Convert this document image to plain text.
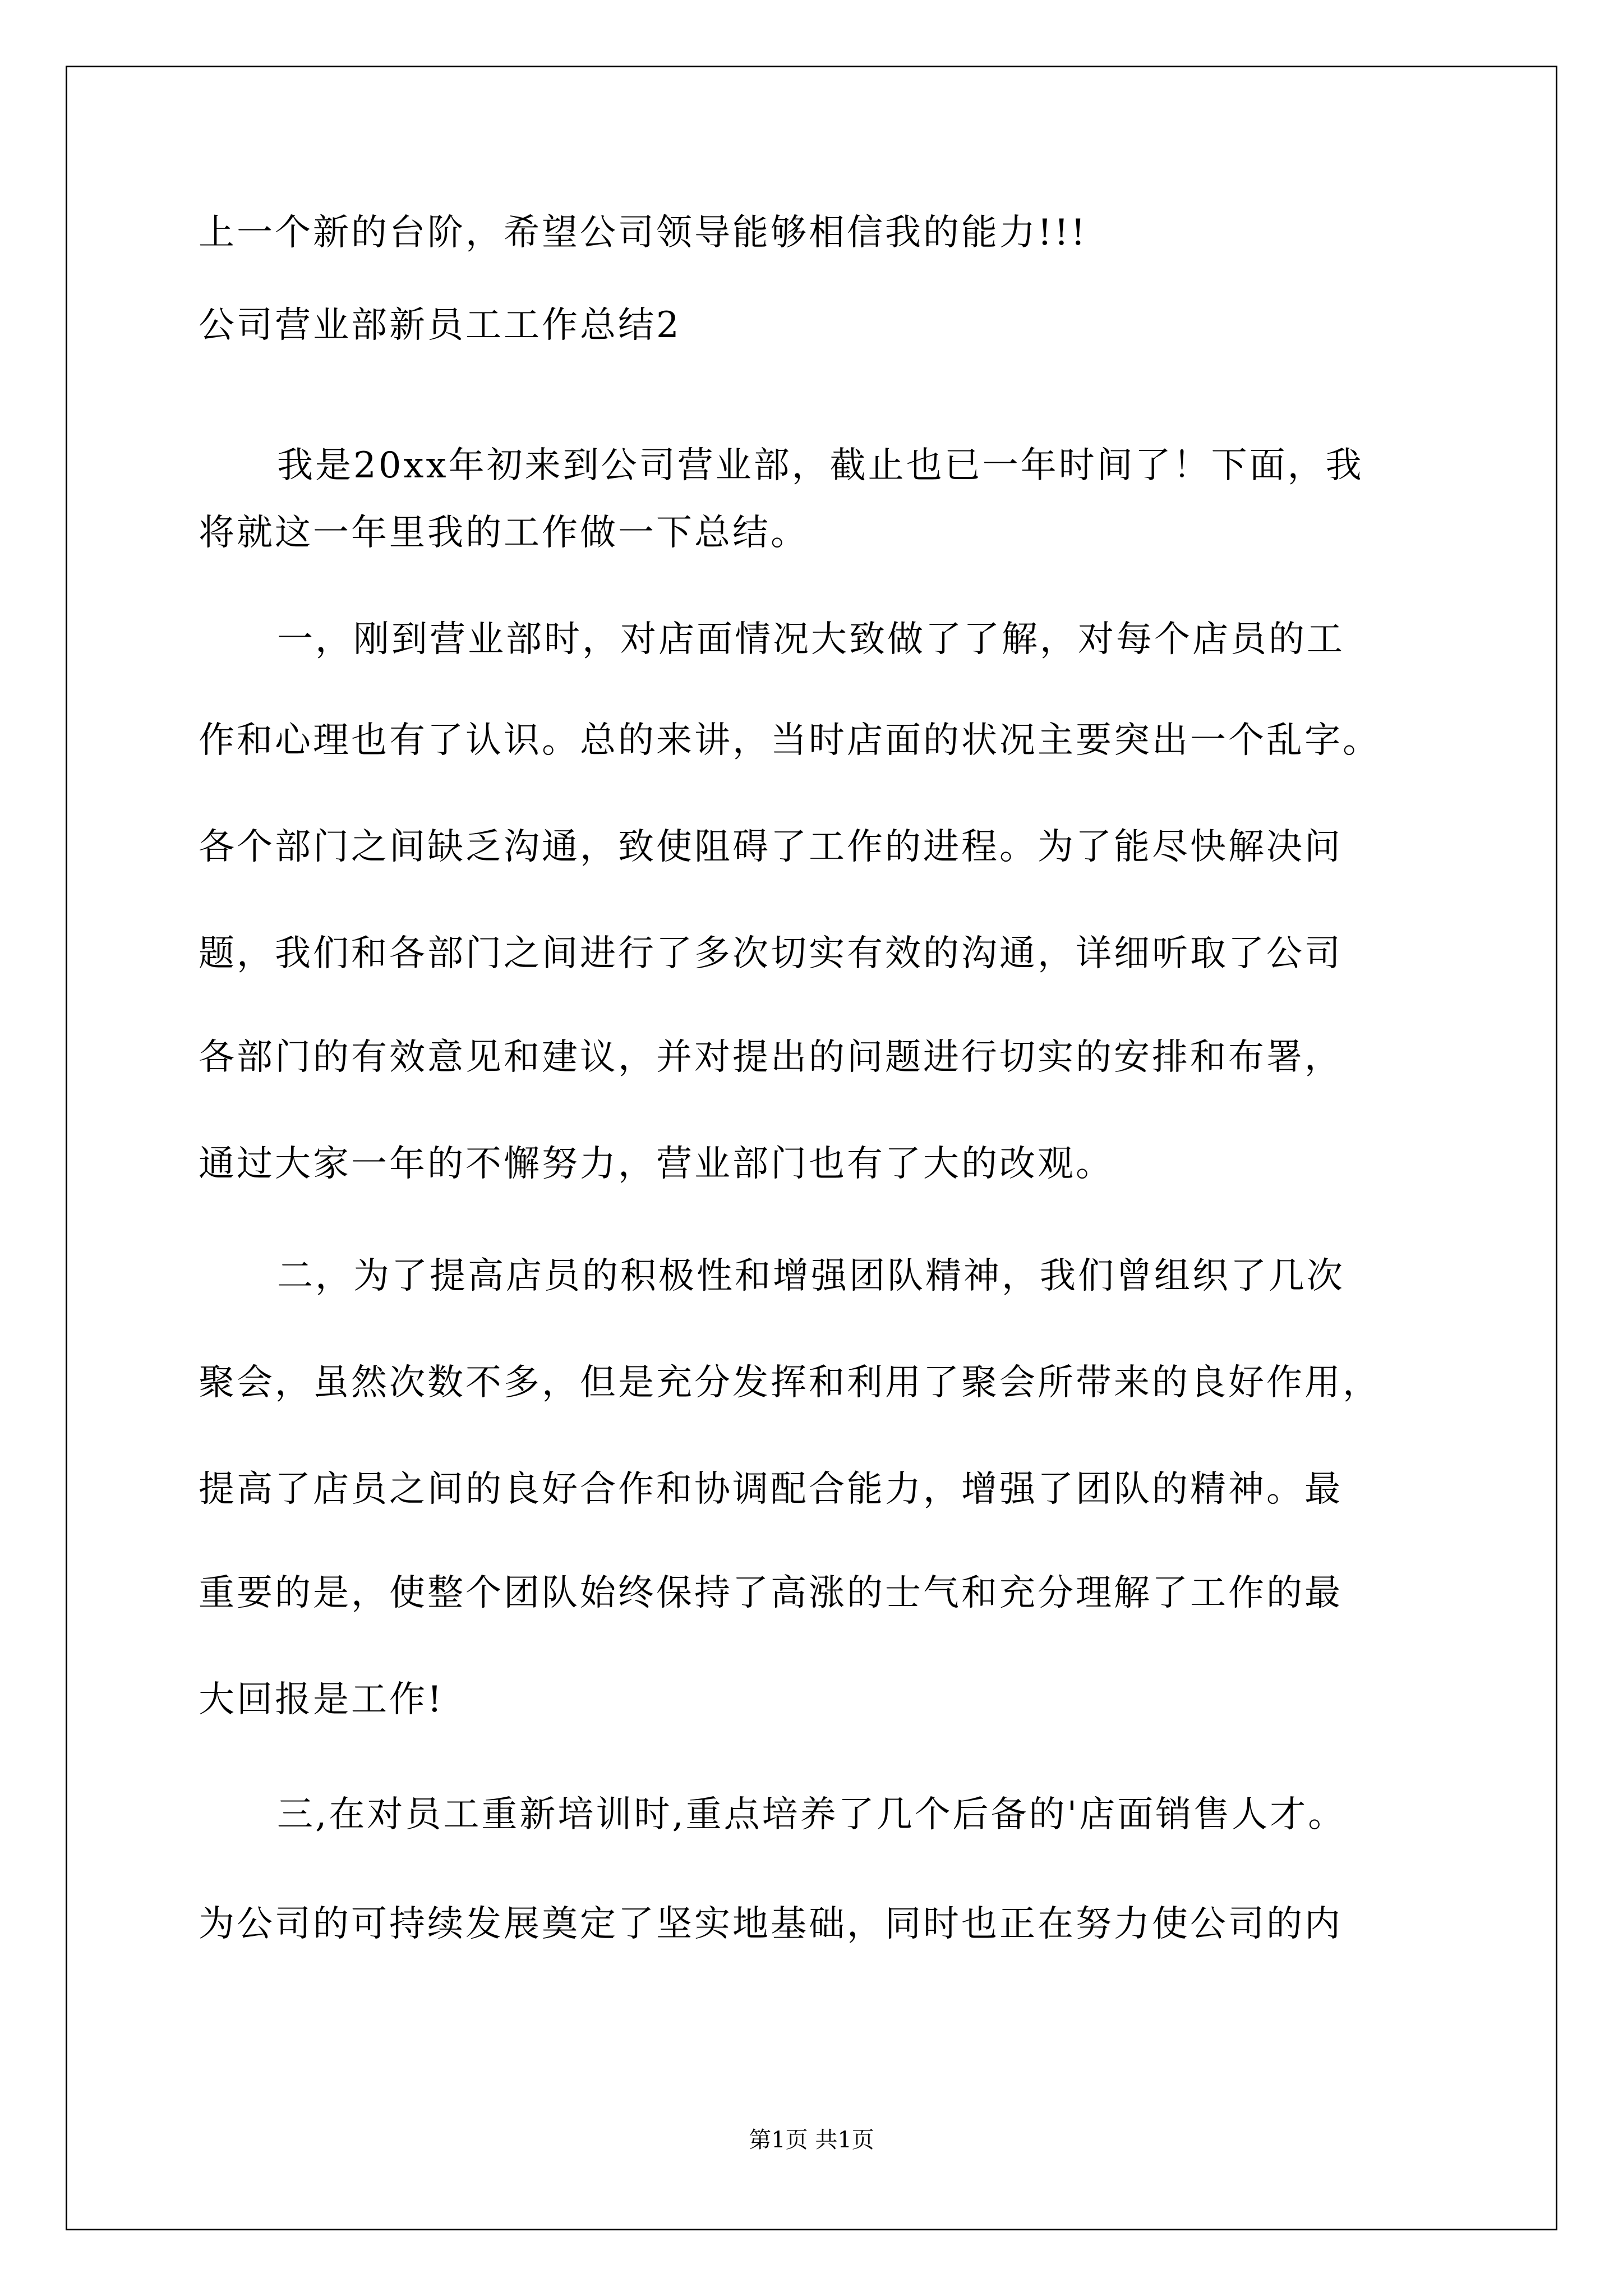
上一个新的台阶，希望公司领导能够相信我的能力!!!
公司营业部新员工工作总结2
我是20xx年初来到公司营业部，截止也已一年时间了！下面，我
将就这一年里我的工作做一下总结。
一，刚到营业部时，对店面情况大致做了了解，对每个店员的工
作和心理也有了认识。总的来讲，当时店面的状况主要突出一个乱字。
各个部门之间缺乏沟通，致使阻碍了工作的进程。为了能尽快解决问
题，我们和各部门之间进行了多次切实有效的沟通，详细听取了公司
各部门的有效意见和建议，并对提出的问题进行切实的安排和布署，
通过大家一年的不懈努力，营业部门也有了大的改观。
二，为了提高店员的积极性和增强团队精神，我们曾组织了几次
聚会，虽然次数不多，但是充分发挥和利用了聚会所带来的良好作用，
提高了店员之间的良好合作和协调配合能力，增强了团队的精神。最
重要的是，使整个团队始终保持了高涨的士气和充分理解了工作的最
大回报是工作!
三,在对员工重新培训时,重点培养了几个后备的'店面销售人才。
为公司的可持续发展奠定了坚实地基础，同时也正在努力使公司的内
第1页 共1页
